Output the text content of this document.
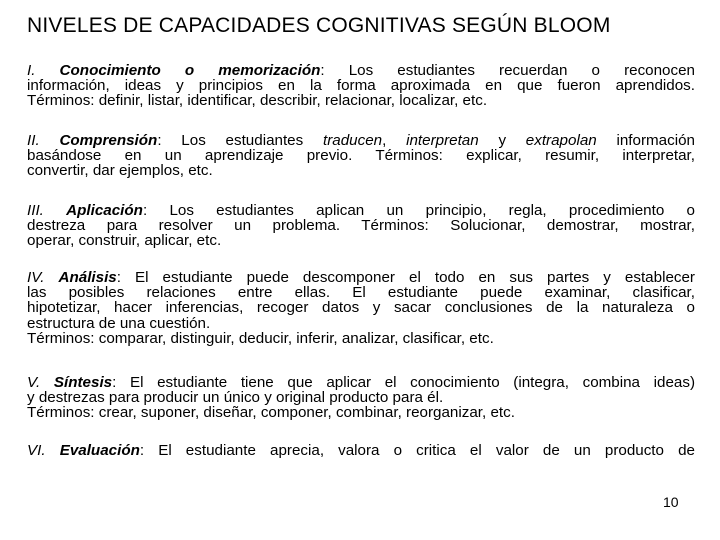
NIVELES DE CAPACIDADES COGNITIVAS SEGÚN BLOOM
I. Conocimiento o memorización: Los estudiantes recuerdan o reconocen
información, ideas y principios en la forma aproximada en que fueron aprendidos.
Términos: definir, listar, identificar, describir, relacionar, localizar, etc.
II. Comprensión: Los estudiantes traducen, interpretan y extrapolan información
basándose en un aprendizaje previo. Términos: explicar, resumir, interpretar,
convertir, dar ejemplos, etc.
III. Aplicación: Los estudiantes aplican un principio, regla, procedimiento o
destreza para resolver un problema. Términos: Solucionar, demostrar, mostrar,
operar, construir, aplicar, etc.
IV. Análisis: El estudiante puede descomponer el todo en sus partes y establecer
las posibles relaciones entre ellas. El estudiante puede examinar, clasificar,
hipotetizar, hacer inferencias, recoger datos y sacar conclusiones de la naturaleza o
estructura de una cuestión.
Términos: comparar, distinguir, deducir, inferir, analizar, clasificar, etc.
V. Síntesis: El estudiante tiene que aplicar el conocimiento (integra, combina ideas)
y destrezas para producir un único y original producto para él.
Términos: crear, suponer, diseñar, componer, combinar, reorganizar, etc.
VI. Evaluación: El estudiante aprecia, valora o critica el valor de un producto de
10
